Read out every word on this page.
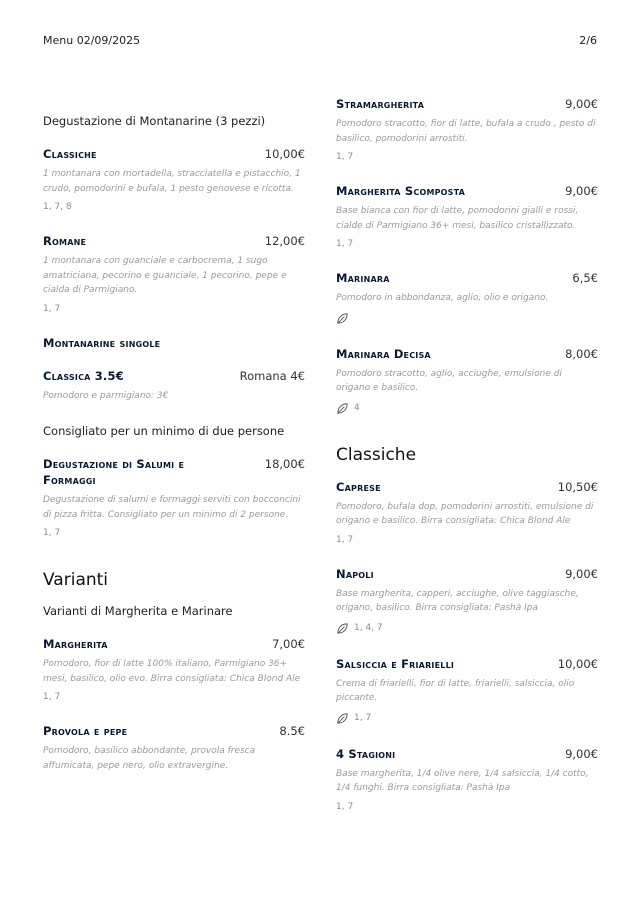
Menu 02/09/2025	2/6
Degustazione di Montanarine (3 pezzi)
Classiche	10,00€
1 montanara con mortadella, stracciatella e pistacchio, 1 crudo, pomodorini e bufala, 1 pesto genovese e ricotta.
1, 7, 8
Romane	12,00€
1 montanara con guanciale e carbocrema, 1 sugo amatriciana, pecorino e guanciale, 1 pecorino, pepe e cialda di Parmigiano.
1, 7
Montanarine singole
Classica 3.5€	Romana 4€
Pomodoro e parmigiano: 3€
Consigliato per un minimo di due persone
Degustazione di Salumi e Formaggi
18,00€
Degustazione di salumi e formaggi serviti con bocconcini di pizza fritta. Consigliato per un minimo di 2 persone.
1, 7
Varianti
Varianti di Margherita e Marinare
Margherita	7,00€
Pomodoro, fior di latte 100% italiano, Parmigiano 36+ mesi, basilico, olio evo. Birra consigliata: Chica Blond Ale
1, 7
Provola e pepe	8.5€
Pomodoro, basilico abbondante, provola fresca affumicata, pepe nero, olio extravergine.
Stramargherita	9,00€
Pomodoro stracotto, fior di latte, bufala a crudo , pesto di basilico, pomodorini arrostiti.
1, 7
Margherita Scomposta	9,00€
Base bianca con fior di latte, pomodorini gialli e rossi, cialde di Parmigiano 36+ mesi, basilico cristallizzato.
1, 7
Marinara	6,5€
Pomodoro in abbondanza, aglio, olio e origano.
Marinara Decisa	8,00€
Pomodoro stracotto, aglio, acciughe, emulsione di origano e basilico.
4
Classiche
Caprese	10,50€
Pomodoro, bufala dop, pomodorini arrostiti, emulsione di origano e basilico. Birra consigliata: Chica Blond Ale
1, 7
Napoli	9,00€
Base margherita, capperi, acciughe, olive taggiasche, origano, basilico. Birra consigliata: Pashà Ipa
1, 4, 7
Salsiccia e Friarielli	10,00€
Crema di friarielli, fior di latte, friarielli, salsiccia, olio piccante.
1, 7
4 Stagioni	9,00€
Base margherita, 1/4 olive nere, 1/4 salsiccia, 1/4 cotto, 1/4 funghi. Birra consigliata: Pashà Ipa
1, 7
